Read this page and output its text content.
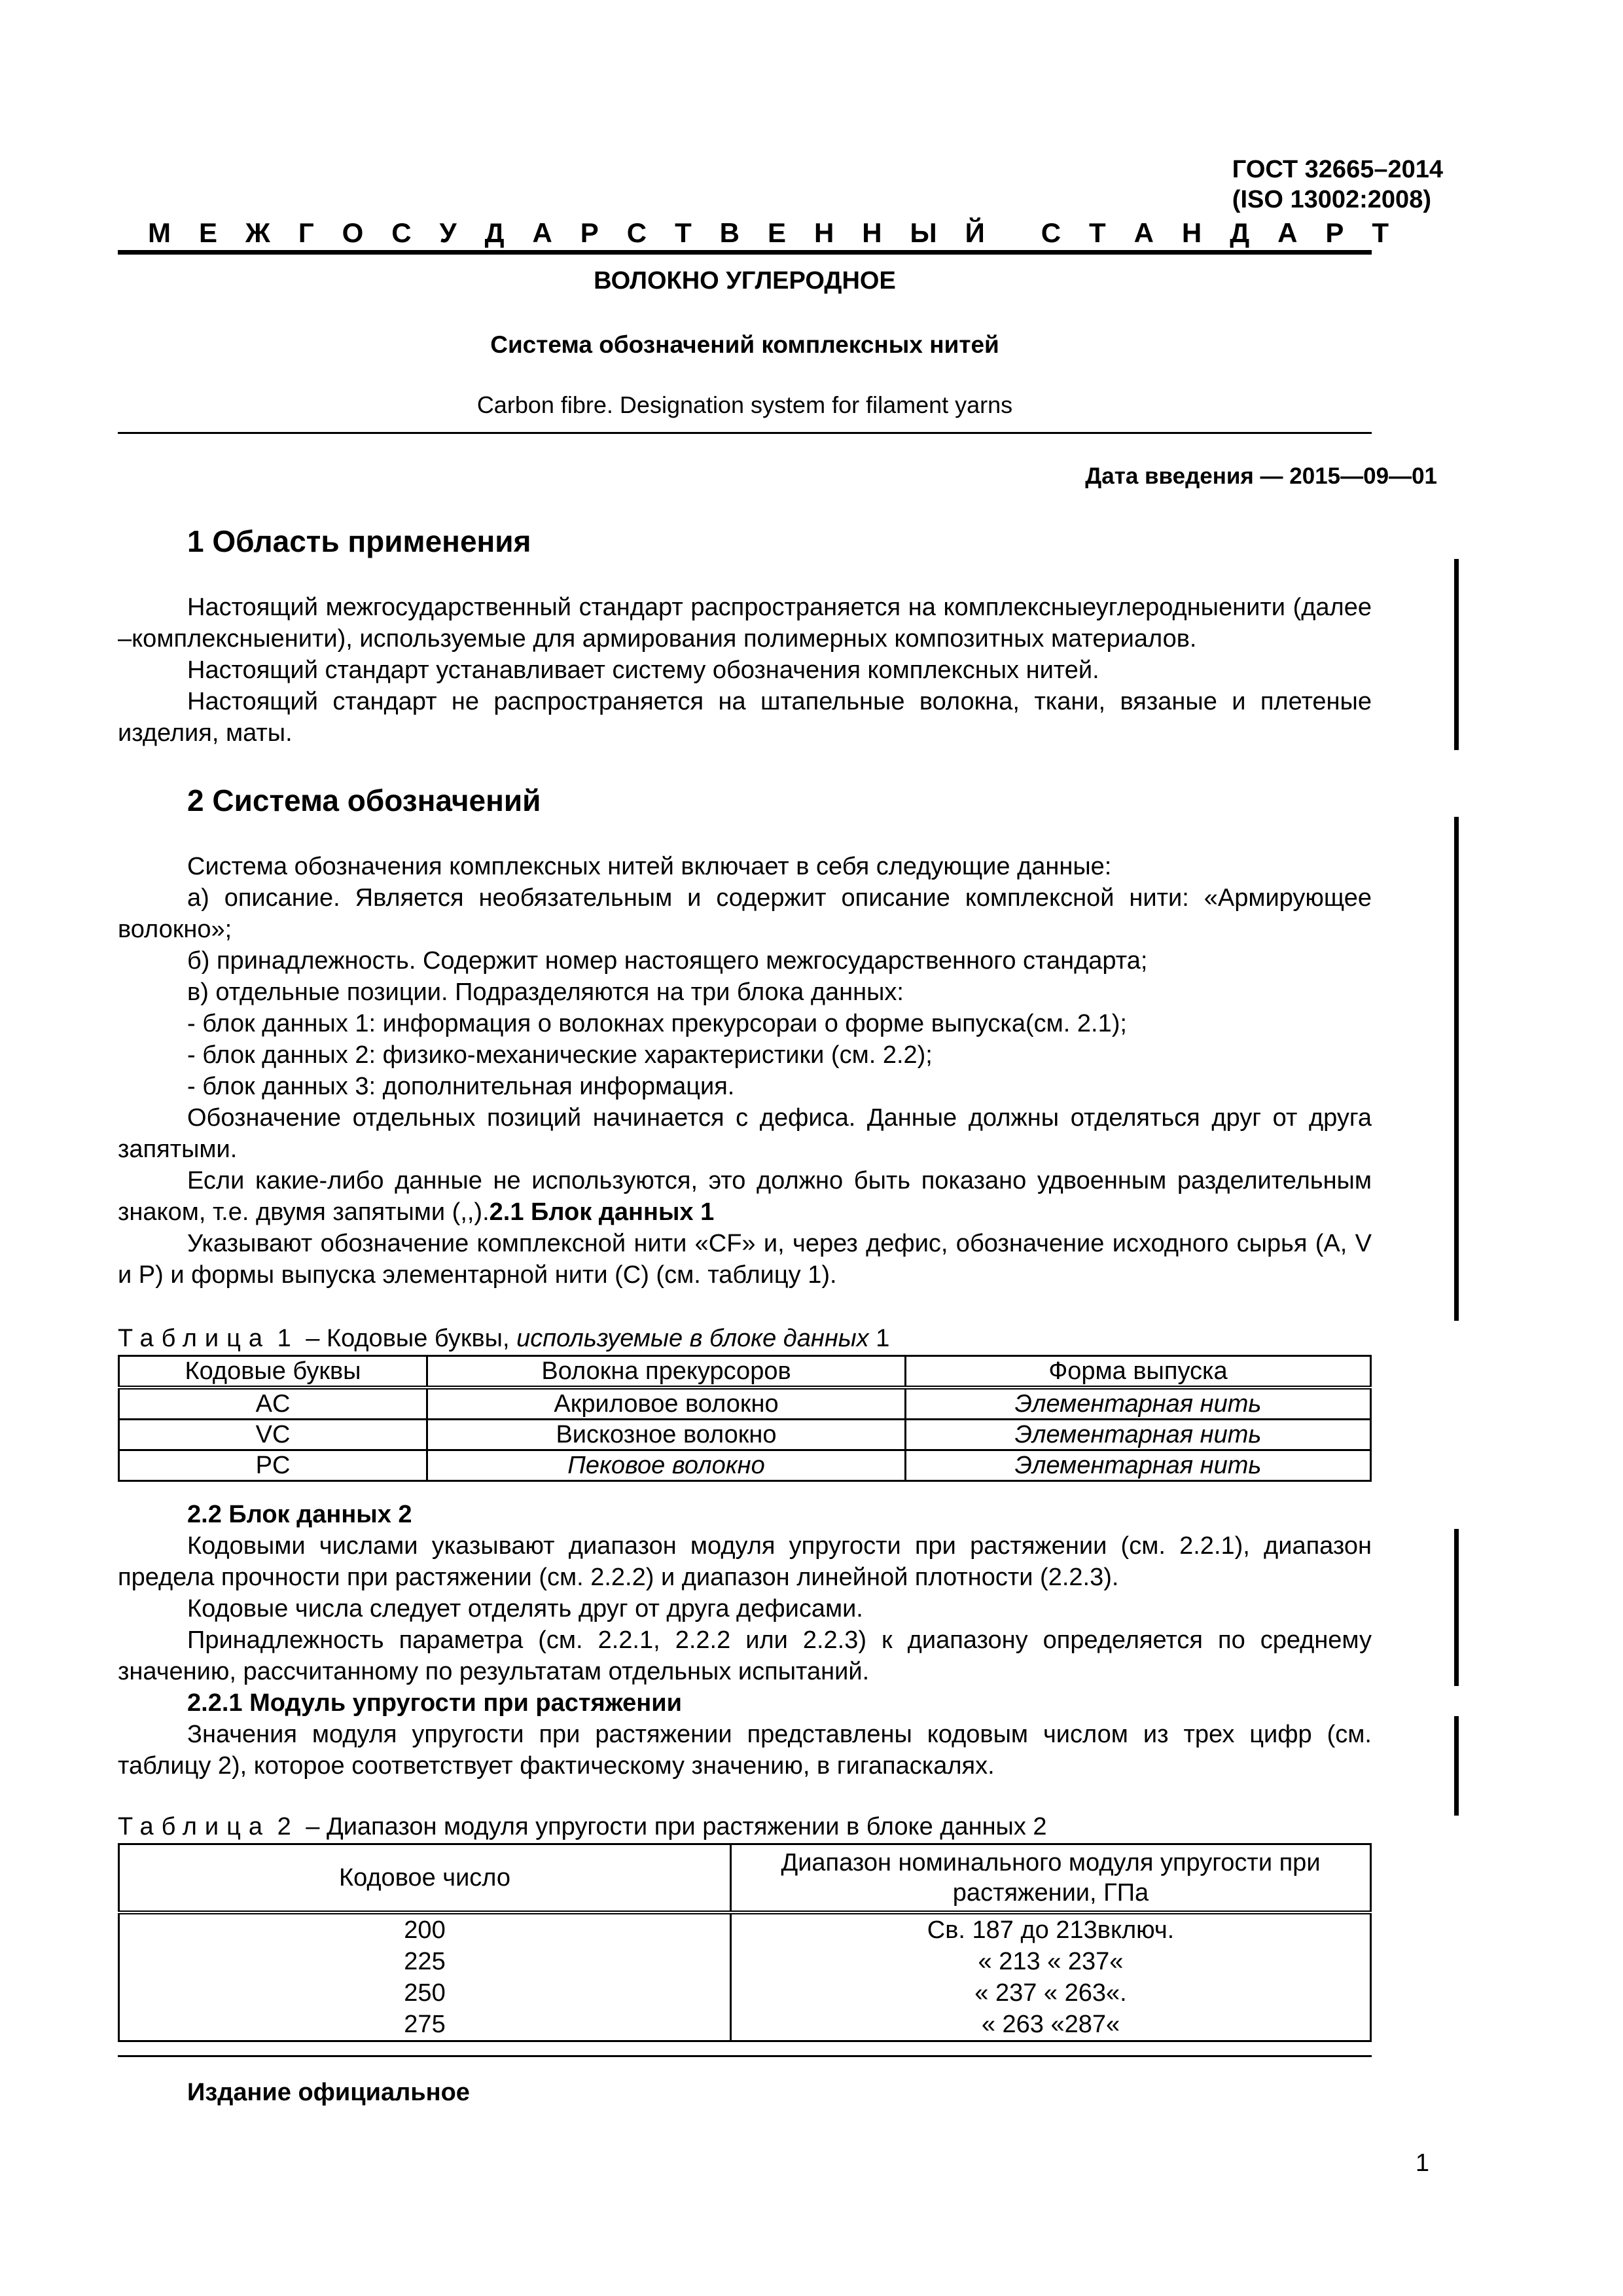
ГОСТ 32665–2014
(ISO 13002:2008)
М Е Ж Г О С У Д А Р С Т В Е Н Н Ы Й С Т А Н Д А Р Т
ВОЛОКНО УГЛЕРОДНОЕ
Система обозначений комплексных нитей
Carbon fibre. Designation system for filament yarns
Дата введения — 2015—09—01
1 Область применения

Настоящий межгосударственный стандарт распространяется на комплексныеуглеродныенити (далее –комплексныенити), используемые для армирования полимерных композитных материалов.

Настоящий стандарт устанавливает систему обозначения комплексных нитей.

Настоящий стандарт не распространяется на штапельные волокна, ткани, вязаные и плетеные изделия, маты.

2 Система обозначений

Система обозначения комплексных нитей включает в себя следующие данные:

а) описание. Является необязательным и содержит описание комплексной нити: «Армирующее волокно»;

б) принадлежность. Содержит номер настоящего межгосударственного стандарта;

в) отдельные позиции. Подразделяются на три блока данных:

- блок данных 1: информация о волокнах прекурсораи о форме выпуска(см. 2.1);

- блок данных 2: физико-механические характеристики (см. 2.2);

- блок данных 3: дополнительная информация.

Обозначение отдельных позиций начинается с дефиса. Данные должны отделяться друг от друга запятыми.

Если какие-либо данные не используются, это должно быть показано удвоенным разделительным знаком, т.е. двумя запятыми (,,).2.1 Блок данных 1

Указывают обозначение комплексной нити «CF» и, через дефис, обозначение исходного сырья (A, V и P) и формы выпуска элементарной нити (C) (см. таблицу 1).

Таблица 1 – Кодовые буквы, используемые в блоке данных 1
Кодовые буквы	Волокна прекурсоров	Форма выпуска
AC	Акриловое волокно	Элементарная нить
VC	Вискозное волокно	Элементарная нить
PC	Пековое волокно	Элементарная нить

2.2 Блок данных 2

Кодовыми числами указывают диапазон модуля упругости при растяжении (см. 2.2.1), диапазон предела прочности при растяжении (см. 2.2.2) и диапазон линейной плотности (2.2.3).

Кодовые числа следует отделять друг от друга дефисами.

Принадлежность параметра (см. 2.2.1, 2.2.2 или 2.2.3) к диапазону определяется по среднему значению, рассчитанному по результатам отдельных испытаний.

2.2.1 Модуль упругости при растяжении

Значения модуля упругости при растяжении представлены кодовым числом из трех цифр (см. таблицу 2), которое соответствует фактическому значению, в гигапаскалях.

Таблица 2 – Диапазон модуля упругости при растяжении в блоке данных 2
Кодовое число	Диапазон номинального модуля упругости при растяжении, ГПа
200	Св. 187 до 213включ.
225	« 213 « 237«
250	« 237 « 263«.
275	« 263 «287«
Издание официальное
1
